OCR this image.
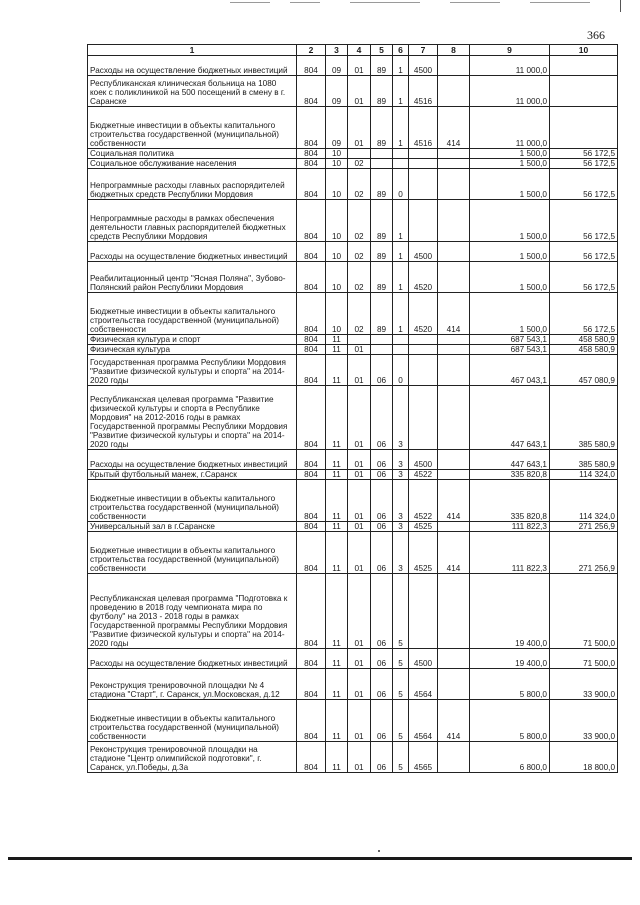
366
1	2	3	4	5	6	7	8	9	10
Расходы на осуществление бюджетных инвестиций	804	09	01	89	1	4500		11 000,0	
Республиканская клиническая больница на 1080 коек с поликлиникой на 500 посещений в смену в г. Саранске	804	09	01	89	1	4516		11 000,0	
Бюджетные инвестиции в объекты капитального строительства государственной (муниципальной) собственности	804	09	01	89	1	4516	414	11 000,0	
Социальная политика	804	10						1 500,0	56 172,5
Социальное обслуживание населения	804	10	02					1 500,0	56 172,5
Непрограммные расходы главных распорядителей бюджетных средств Республики Мордовия	804	10	02	89	0			1 500,0	56 172,5
Непрограммные расходы в рамках обеспечения деятельности главных распорядителей бюджетных средств Республики Мордовия	804	10	02	89	1			1 500,0	56 172,5
Расходы на осуществление бюджетных инвестиций	804	10	02	89	1	4500		1 500,0	56 172,5
Реабилитационный центр "Ясная Поляна", Зубово-Полянский район Республики Мордовия	804	10	02	89	1	4520		1 500,0	56 172,5
Бюджетные инвестиции в объекты капитального строительства государственной (муниципальной) собственности	804	10	02	89	1	4520	414	1 500,0	56 172,5
Физическая культура и спорт	804	11						687 543,1	458 580,9
Физическая культура	804	11	01					687 543,1	458 580,9
Государственная программа Республики Мордовия "Развитие физической культуры и спорта" на 2014-2020 годы	804	11	01	06	0			467 043,1	457 080,9
Республиканская целевая программа "Развитие физической культуры и спорта в Республике Мордовия" на 2012-2016 годы в рамках Государственной программы Республики Мордовия "Развитие физической культуры и спорта" на 2014-2020 годы	804	11	01	06	3			447 643,1	385 580,9
Расходы на осуществление бюджетных инвестиций	804	11	01	06	3	4500		447 643,1	385 580,9
Крытый футбольный манеж, г.Саранск	804	11	01	06	3	4522		335 820,8	114 324,0
Бюджетные инвестиции в объекты капитального строительства государственной (муниципальной) собственности	804	11	01	06	3	4522	414	335 820,8	114 324,0
Универсальный зал в г.Саранске	804	11	01	06	3	4525		111 822,3	271 256,9
Бюджетные инвестиции в объекты капитального строительства государственной (муниципальной) собственности	804	11	01	06	3	4525	414	111 822,3	271 256,9
Республиканская целевая программа "Подготовка к проведению в 2018 году чемпионата мира по футболу" на 2013 - 2018 годы в рамках Государственной программы Республики Мордовия "Развитие физической культуры и спорта" на 2014-2020 годы	804	11	01	06	5			19 400,0	71 500,0
Расходы на осуществление бюджетных инвестиций	804	11	01	06	5	4500		19 400,0	71 500,0
Реконструкция тренировочной площадки № 4 стадиона "Старт", г. Саранск, ул.Московская, д.12	804	11	01	06	5	4564		5 800,0	33 900,0
Бюджетные инвестиции в объекты капитального строительства государственной (муниципальной) собственности	804	11	01	06	5	4564	414	5 800,0	33 900,0
Реконструкция тренировочной площадки на стадионе "Центр олимпийской подготовки", г. Саранск, ул.Победы, д.3а	804	11	01	06	5	4565		6 800,0	18 800,0
